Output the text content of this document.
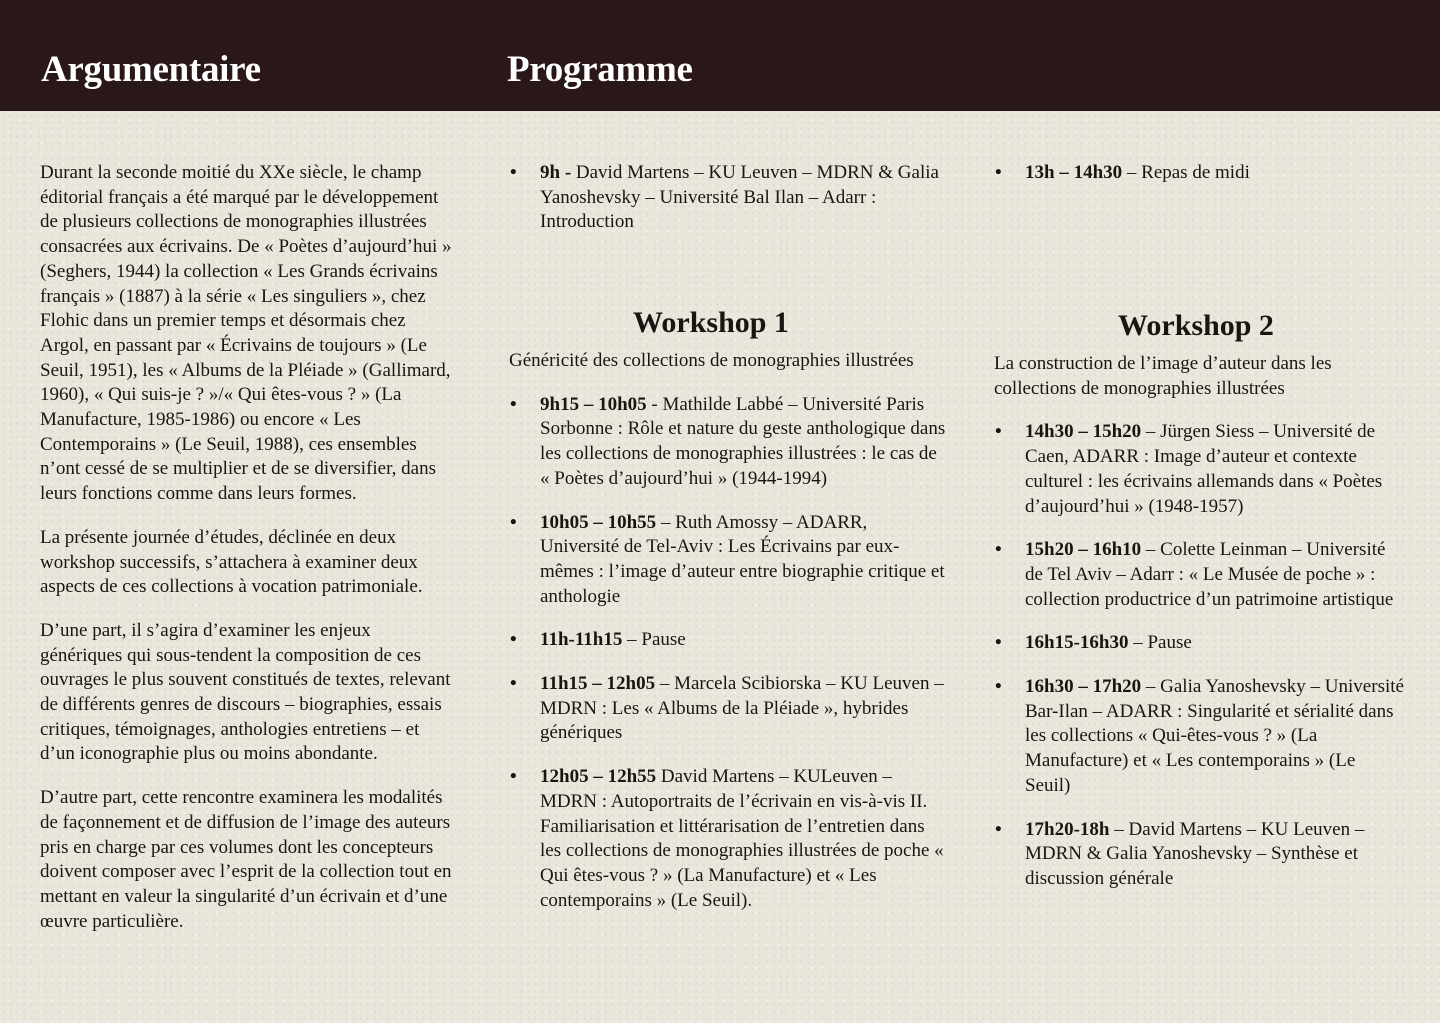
Argumentaire	Programme

Durant la seconde moitié du XXe siècle, le champ éditorial français a été marqué par le développement de plusieurs collections de monographies illustrées consacrées aux écrivains. De « Poètes d’aujourd’hui » (Seghers, 1944) la collection « Les Grands écrivains français » (1887) à la série « Les singuliers », chez Flohic dans un premier temps et désormais chez Argol, en passant par « Écrivains de toujours » (Le Seuil, 1951), les « Albums de la Pléiade » (Gallimard, 1960), « Qui suis-je ? »/« Qui êtes-vous ? » (La Manufacture, 1985-1986) ou encore « Les Contemporains » (Le Seuil, 1988), ces ensembles n’ont cessé de se multiplier et de se diversifier, dans leurs fonctions comme dans leurs formes.

La présente journée d’études, déclinée en deux workshop successifs, s’attachera à examiner deux aspects de ces collections à vocation patrimoniale.

D’une part, il s’agira d’examiner les enjeux génériques qui sous-tendent la composition de ces ouvrages le plus souvent constitués de textes, relevant de différents genres de discours – biographies, essais critiques, témoignages, anthologies entretiens – et d’un iconographie plus ou moins abondante.

D’autre part, cette rencontre examinera les modalités de façonnement et de diffusion de l’image des auteurs pris en charge par ces volumes dont les concepteurs doivent composer avec l’esprit de la collection tout en mettant en valeur la singularité d’un écrivain et d’une œuvre particulière.

• 9h - David Martens – KU Leuven – MDRN & Galia Yanoshevsky – Université Bal Ilan – Adarr : Introduction
Workshop 1

Généricité des collections de monographies illustrées

• 9h15 – 10h05 - Mathilde Labbé – Université Paris Sorbonne : Rôle et nature du geste anthologique dans les collections de monographies illustrées : le cas de « Poètes d’aujourd’hui » (1944-1994)
• 10h05 – 10h55 – Ruth Amossy – ADARR, Université de Tel-Aviv : Les Écrivains par eux-mêmes : l’image d’auteur entre biographie critique et anthologie
• 11h-11h15 – Pause
• 11h15 – 12h05 – Marcela Scibiorska – KU Leuven – MDRN : Les « Albums de la Pléiade », hybrides génériques
• 12h05 – 12h55 David Martens – KULeuven – MDRN : Autoportraits de l’écrivain en vis-à-vis II. Familiarisation et littérarisation de l’entretien dans les collections de monographies illustrées de poche « Qui êtes-vous ? » (La Manufacture) et « Les contemporains » (Le Seuil).
• 13h – 14h30 – Repas de midi
Workshop 2

La construction de l’image d’auteur dans les collections de monographies illustrées

• 14h30 – 15h20 – Jürgen Siess – Université de Caen, ADARR : Image d’auteur et contexte culturel : les écrivains allemands dans « Poètes d’aujourd’hui » (1948-1957)
• 15h20 – 16h10 – Colette Leinman – Université de Tel Aviv – Adarr : « Le Musée de poche » : collection productrice d’un patrimoine artistique
• 16h15-16h30 – Pause
• 16h30 – 17h20 – Galia Yanoshevsky – Université Bar-Ilan – ADARR : Singularité et sérialité dans les collections « Qui-êtes-vous ? » (La Manufacture) et « Les contemporains » (Le Seuil)
• 17h20-18h – David Martens – KU Leuven – MDRN & Galia Yanoshevsky – Synthèse et discussion générale
